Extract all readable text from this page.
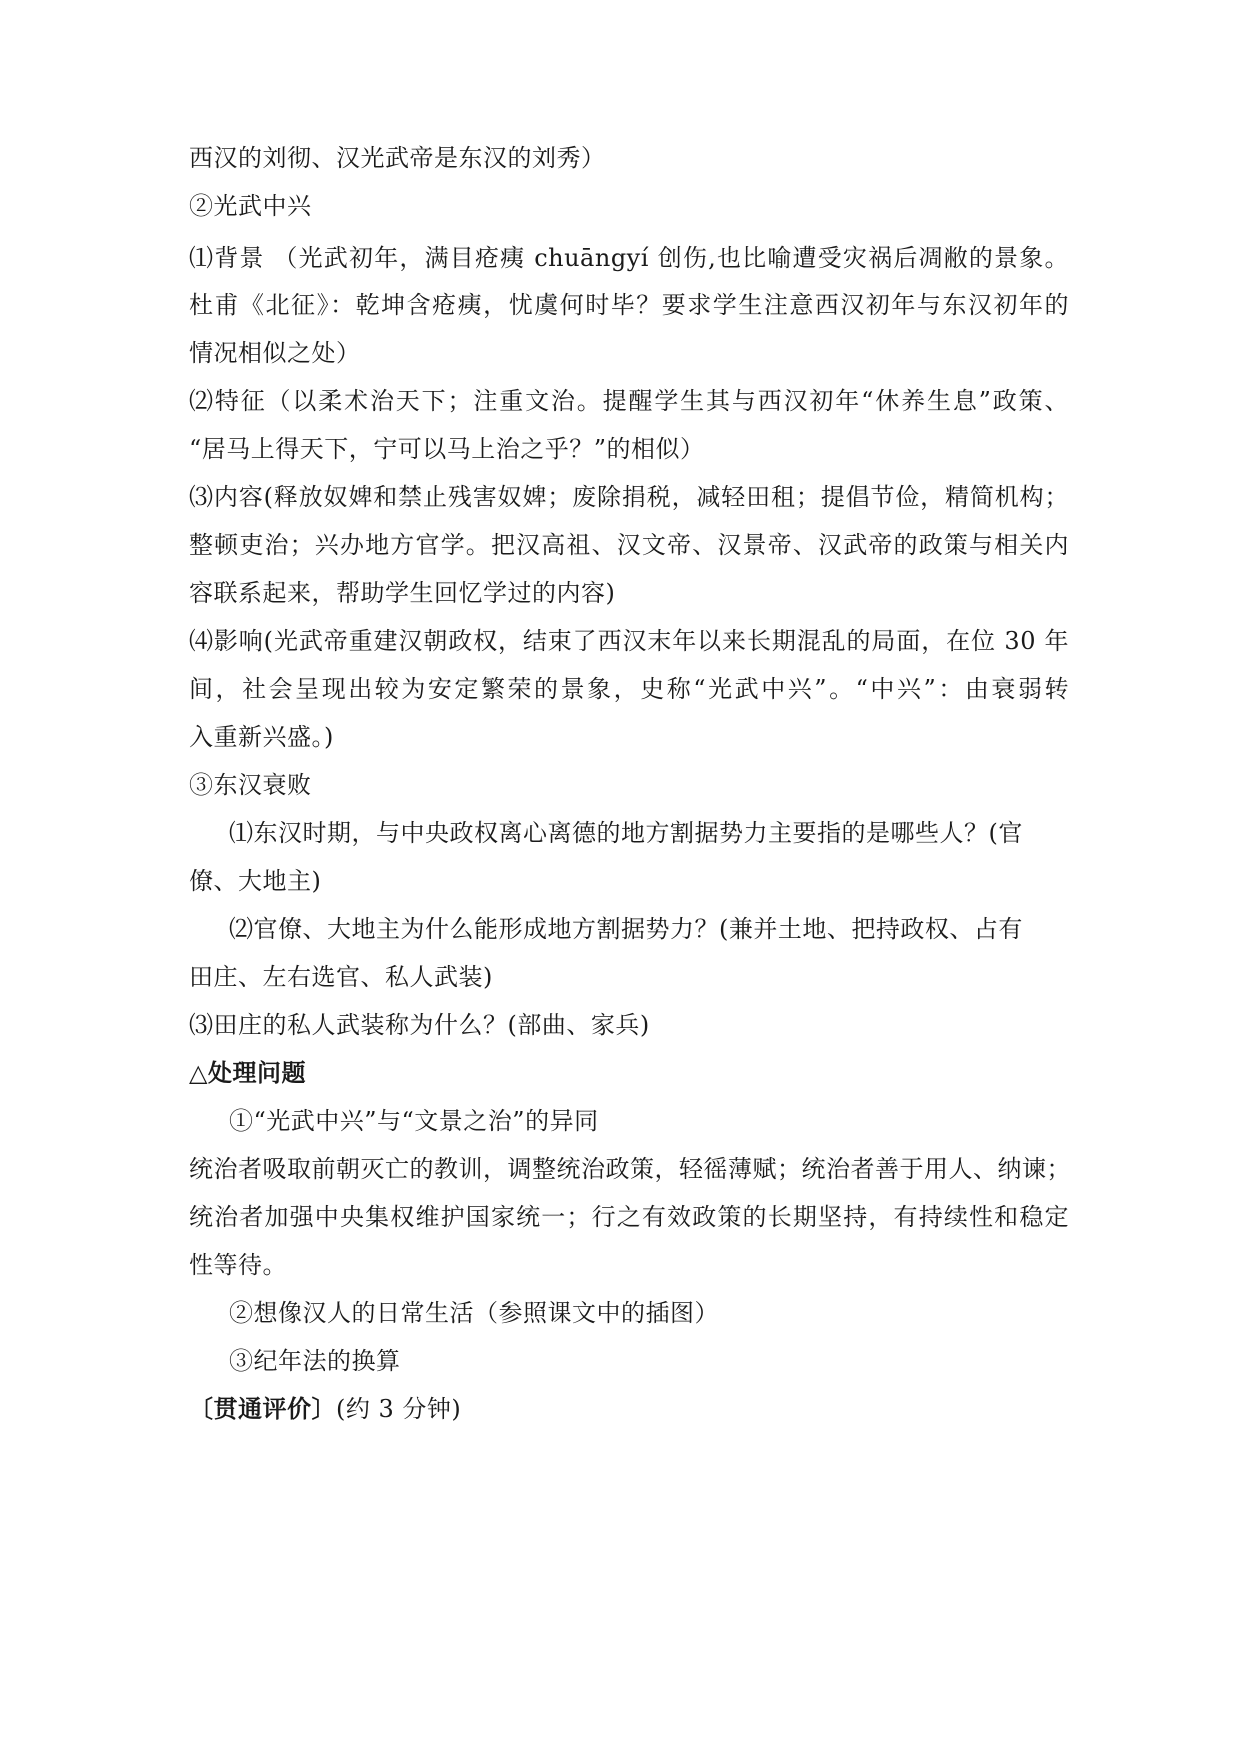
西汉的刘彻、汉光武帝是东汉的刘秀）
②光武中兴
⑴背景 （光武初年，满目疮痍 chuāngyí 创伤,也比喻遭受灾祸后凋敝的景象。
杜甫《北征》：乾坤含疮痍，忧虞何时毕？要求学生注意西汉初年与东汉初年的
情况相似之处）
⑵特征（以柔术治天下；注重文治。提醒学生其与西汉初年“休养生息”政策、
“居马上得天下，宁可以马上治之乎？”的相似）
⑶内容(释放奴婢和禁止残害奴婢；废除捐税，减轻田租；提倡节俭，精简机构；
整顿吏治；兴办地方官学。把汉高祖、汉文帝、汉景帝、汉武帝的政策与相关内
容联系起来，帮助学生回忆学过的内容)
⑷影响(光武帝重建汉朝政权，结束了西汉末年以来长期混乱的局面，在位 30 年
间，社会呈现出较为安定繁荣的景象，史称“光武中兴”。“中兴”：由衰弱转
入重新兴盛。)
③东汉衰败
⑴东汉时期，与中央政权离心离德的地方割据势力主要指的是哪些人？(官
僚、大地主)
⑵官僚、大地主为什么能形成地方割据势力？(兼并土地、把持政权、占有
田庄、左右选官、私人武装)
⑶田庄的私人武装称为什么？(部曲、家兵)
△处理问题
①“光武中兴”与“文景之治”的异同
统治者吸取前朝灭亡的教训，调整统治政策，轻徭薄赋；统治者善于用人、纳谏；
统治者加强中央集权维护国家统一；行之有效政策的长期坚持，有持续性和稳定
性等待。
②想像汉人的日常生活（参照课文中的插图）
③纪年法的换算
〔贯通评价〕(约 3 分钟)
